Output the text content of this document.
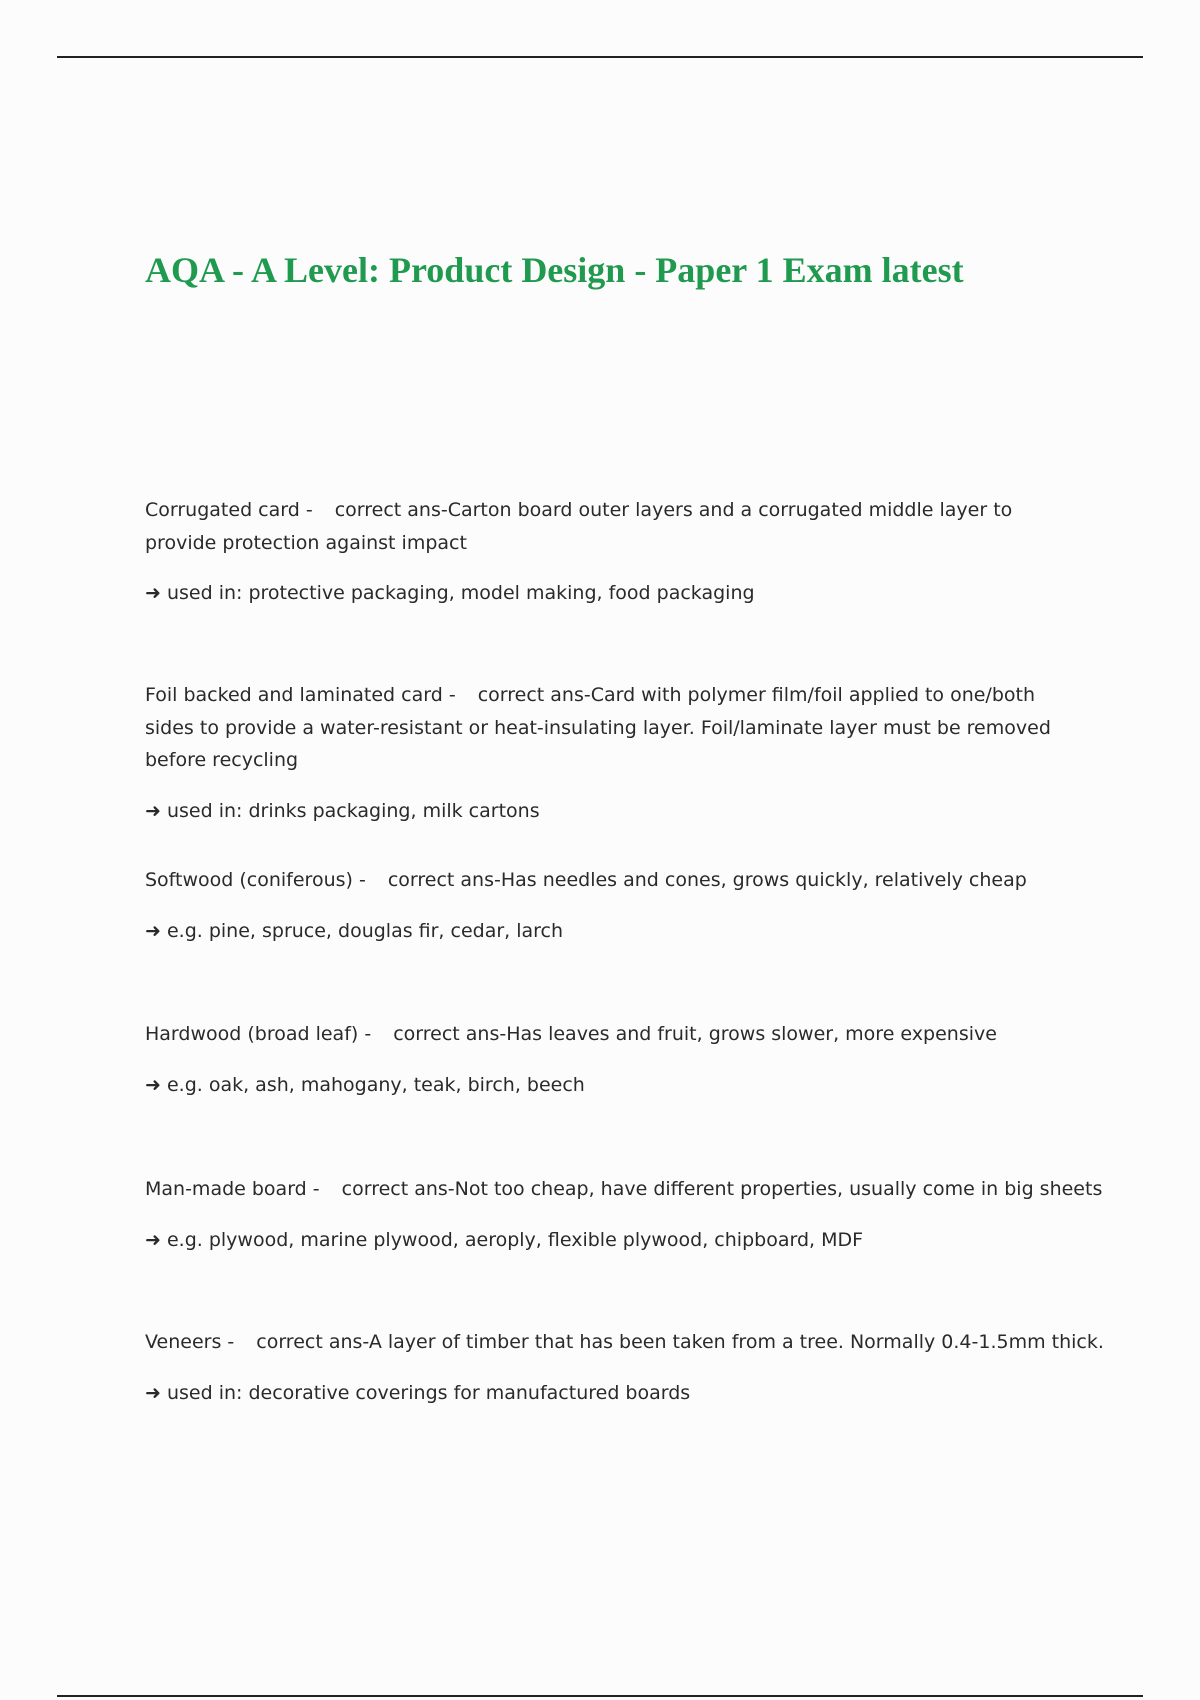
AQA - A Level: Product Design - Paper 1 Exam latest

Corrugated card - correct ans-Carton board outer layers and a corrugated middle layer to provide protection against impact

➜ used in: protective packaging, model making, food packaging

Foil backed and laminated card - correct ans-Card with polymer film/foil applied to one/both sides to provide a water-resistant or heat-insulating layer. Foil/laminate layer must be removed before recycling

➜ used in: drinks packaging, milk cartons

Softwood (coniferous) - correct ans-Has needles and cones, grows quickly, relatively cheap

➜ e.g. pine, spruce, douglas fir, cedar, larch

Hardwood (broad leaf) - correct ans-Has leaves and fruit, grows slower, more expensive

➜ e.g. oak, ash, mahogany, teak, birch, beech

Man-made board - correct ans-Not too cheap, have different properties, usually come in big sheets

➜ e.g. plywood, marine plywood, aeroply, flexible plywood, chipboard, MDF

Veneers - correct ans-A layer of timber that has been taken from a tree. Normally 0.4-1.5mm thick.

➜ used in: decorative coverings for manufactured boards
